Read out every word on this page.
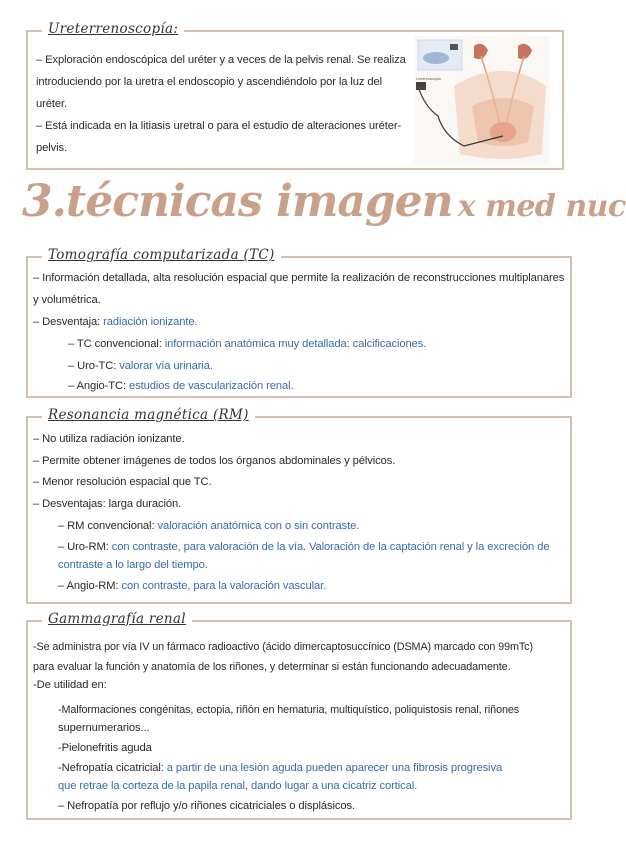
Ureterrenoscopía:
– Exploración endoscópica del uréter y a veces de la pelvis renal. Se realiza
introduciendo por la uretra el endoscopio y ascendiéndolo por la luz del
uréter.
– Está indicada en la litiasis uretral o para el estudio de alteraciones uréter-
pelvis.
Ureteroscopio
3.técnicas imagen x med nuc
Tomografía computarizada (TC)
– Información detallada, alta resolución espacial que permite la realización de reconstrucciones multiplanares
y volumétrica.
– Desventaja: radiación ionizante.
– TC convencional: información anatómica muy detallada: calcificaciones.
– Uro-TC: valorar vía urinaria.
– Angio-TC: estudios de vascularización renal.
Resonancia magnética (RM)
– No utiliza radiación ionizante.
– Permite obtener imágenes de todos los órganos abdominales y pélvicos.
– Menor resolución espacial que TC.
– Desventajas: larga duración.
– RM convencional: valoración anatómica con o sin contraste.
– Uro-RM: con contraste, para valoración de la vía. Valoración de la captación renal y la excreción de
contraste a lo largo del tiempo.
– Angio-RM: con contraste, para la valoración vascular.
Gammagrafía renal
-Se administra por vía IV un fármaco radioactivo (ácido dimercaptosuccínico (DSMA) marcado con 99mTc)
para evaluar la función y anatomía de los riñones, y determinar si están funcionando adecuadamente.
-De utilidad en:
-Malformaciones congénitas, ectopia, riñón en hematuria, multiquístico, poliquistosis renal, riñones
supernumerarios...
-Pielonefritis aguda
-Nefropatía cicatricial: a partir de una lesión aguda pueden aparecer una fibrosis progresiva
que retrae la corteza de la papila renal, dando lugar a una cicatriz cortical.
– Nefropatía por reflujo y/o riñones cicatriciales o displásicos.
